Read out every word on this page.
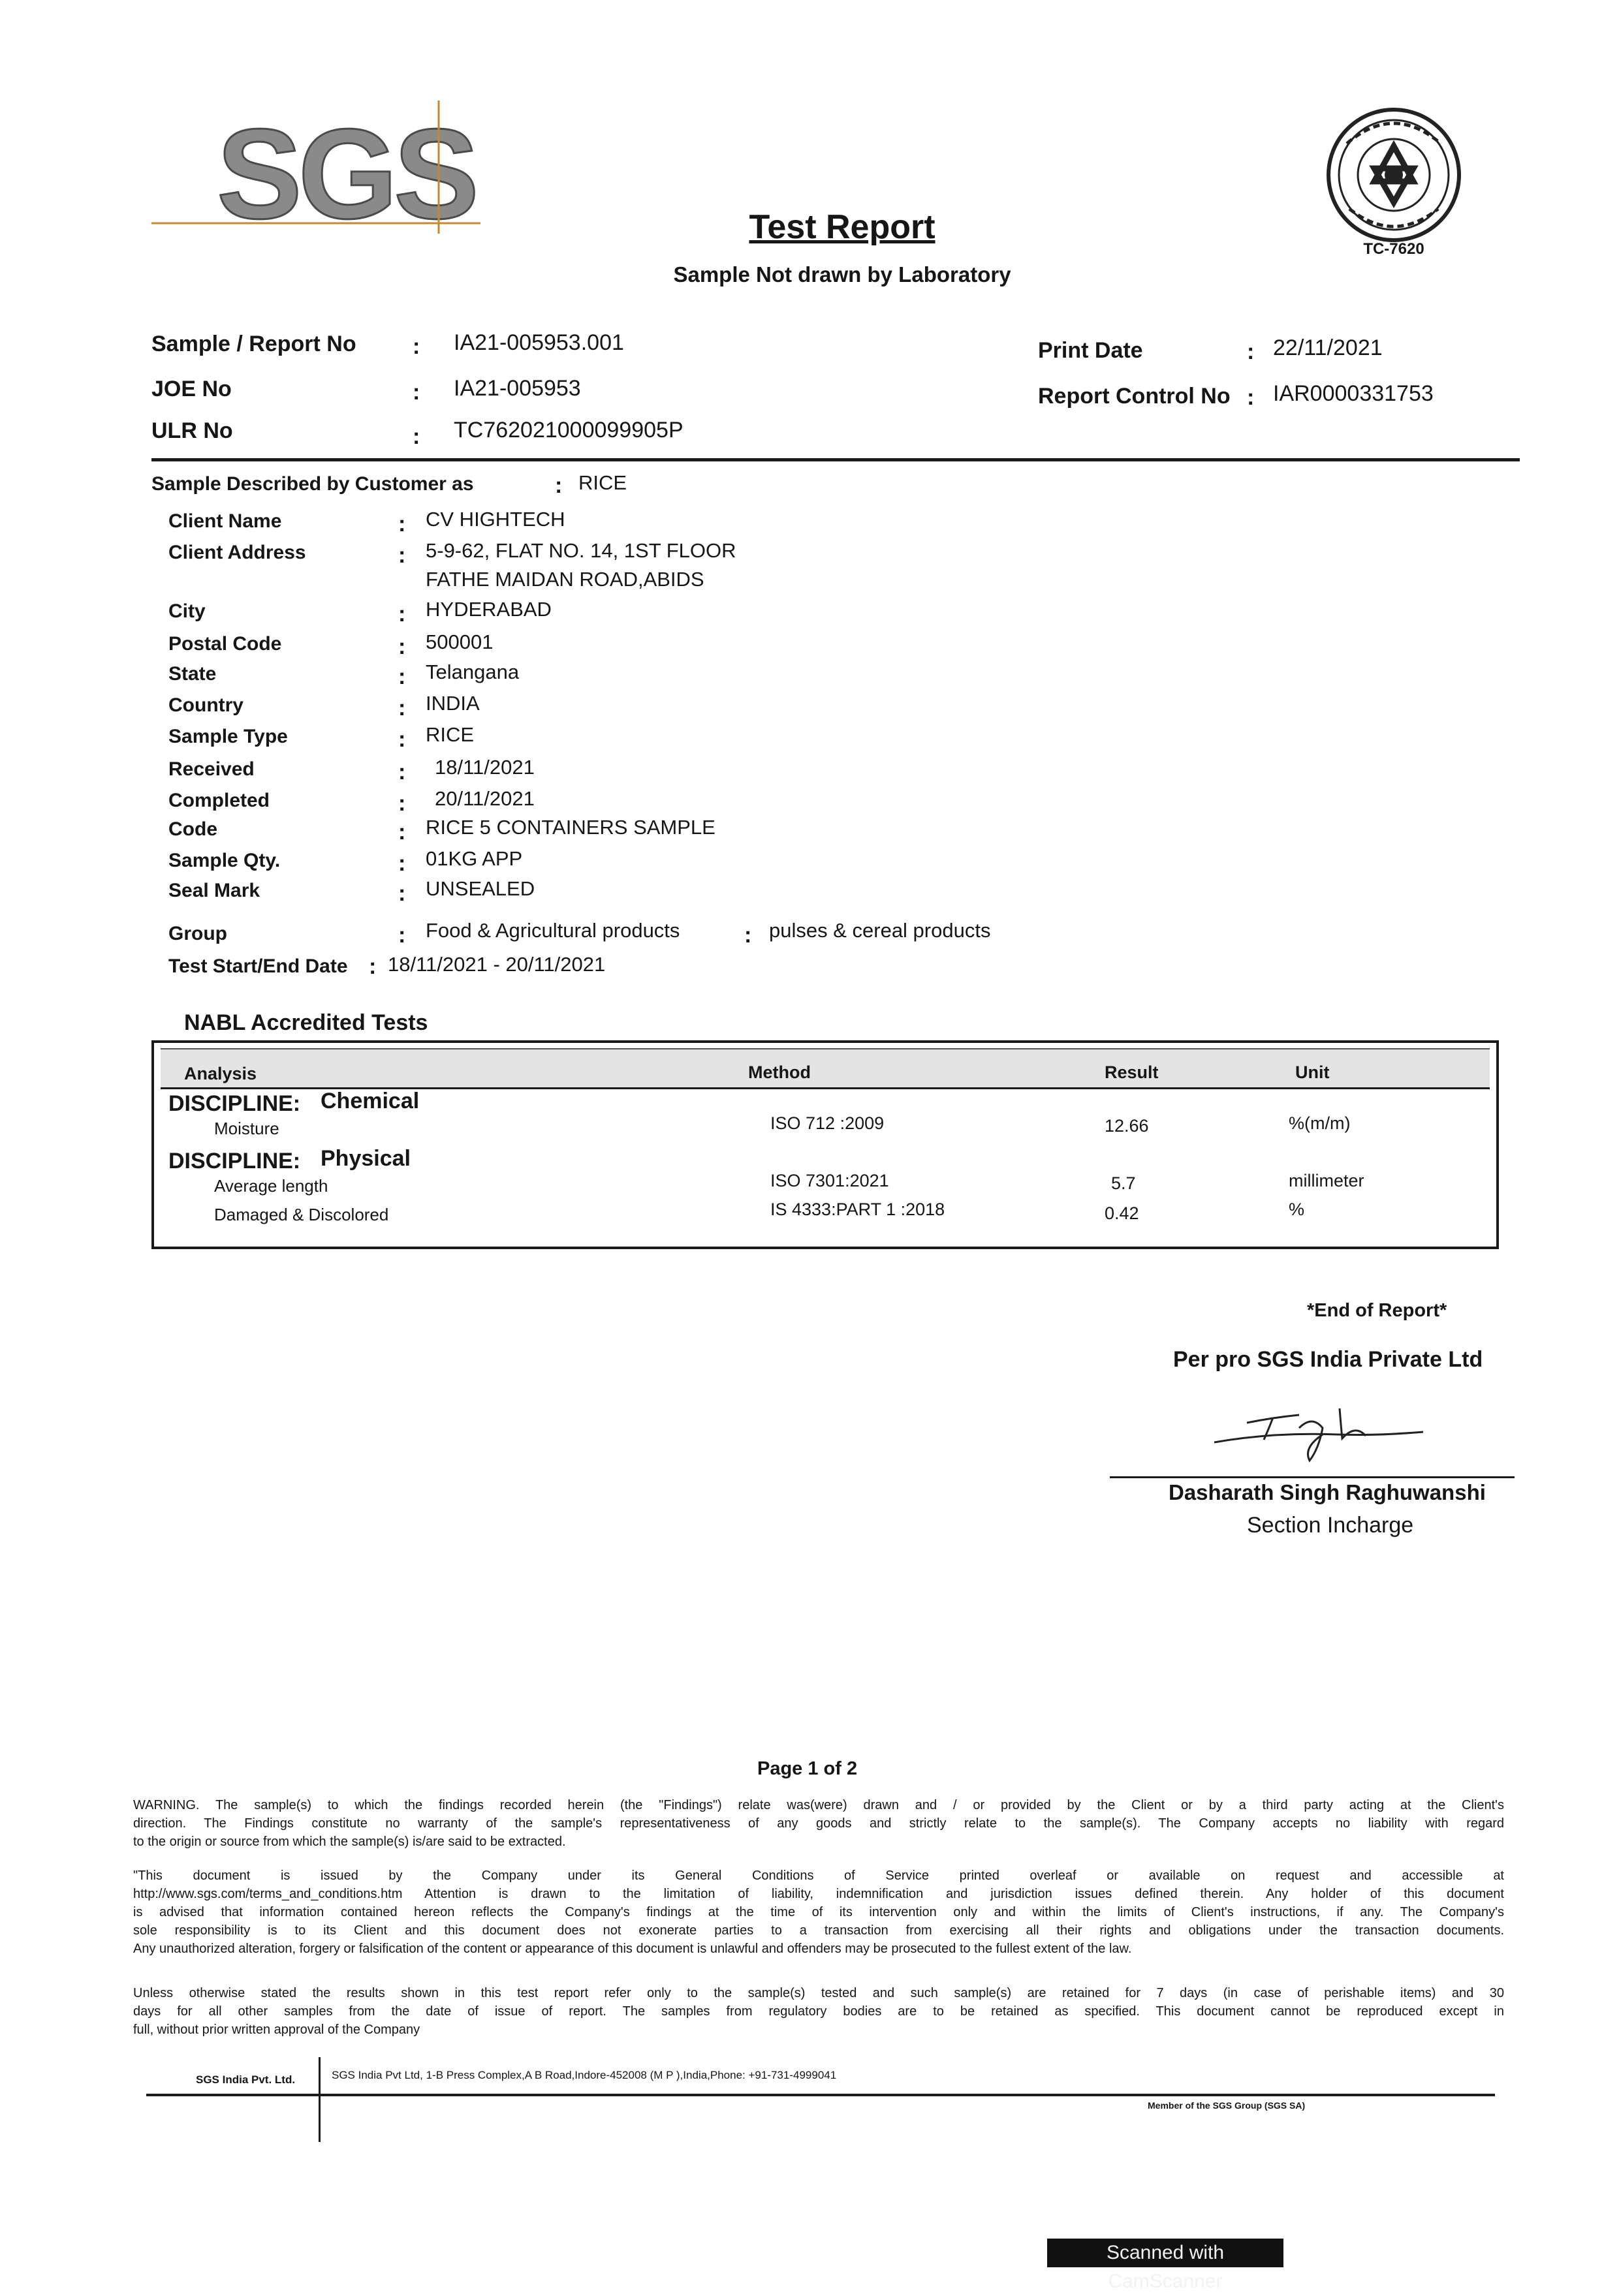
SGS	Test Report
Sample Not drawn by Laboratory
TC-7620
Sample / Report No	: IA21-005953.001
JOE No	: IA21-005953
ULR No	: TC762021000099905P
Print Date	: 22/11/2021
Report Control No : IAR0000331753
Sample Described by Customer as	: RICE
Client Name	: CV HIGHTECH
Client Address	: 5-9-62, FLAT NO. 14, 1ST FLOOR
FATHE MAIDAN ROAD,ABIDS
City	: HYDERABAD
Postal Code	: 500001
State	: Telangana
Country	: INDIA
Sample Type	: RICE
Received	: 18/11/2021
Completed	: 20/11/2021
Code	: RICE 5 CONTAINERS SAMPLE
Sample Qty.	: 01KG APP
Seal Mark	: UNSEALED
Group	: Food & Agricultural products	: pulses & cereal products
Test Start/End Date : 18/11/2021 - 20/11/2021
NABL Accredited Tests
Analysis	Method	Result	Unit
DISCIPLINE: Chemical
Moisture	ISO 712 :2009	12.66	%(m/m)
DISCIPLINE: Physical
Average length	ISO 7301:2021	5.7	millimeter
Damaged & Discolored	IS 4333:PART 1 :2018	0.42	%
*End of Report*
Per pro SGS India Private Ltd
Dasharath Singh Raghuwanshi
Section Incharge
Page 1 of 2
WARNING. The sample(s) to which the findings recorded herein (the "Findings") relate was(were) drawn and / or provided by the Client or by a third party acting at the Client's
direction. The Findings constitute no warranty of the sample's representativeness of any goods and strictly relate to the sample(s). The Company accepts no liability with regard
to the origin or source from which the sample(s) is/are said to be extracted.
"This document is issued by the Company under its General Conditions of Service printed overleaf or available on request and accessible at
http://www.sgs.com/terms_and_conditions.htm Attention is drawn to the limitation of liability, indemnification and jurisdiction issues defined therein. Any holder of this document
is advised that information contained hereon reflects the Company's findings at the time of its intervention only and within the limits of Client's instructions, if any. The Company's
sole responsibility is to its Client and this document does not exonerate parties to a transaction from exercising all their rights and obligations under the transaction documents.
Any unauthorized alteration, forgery or falsification of the content or appearance of this document is unlawful and offenders may be prosecuted to the fullest extent of the law.
Unless otherwise stated the results shown in this test report refer only to the sample(s) tested and such sample(s) are retained for 7 days (in case of perishable items) and 30
days for all other samples from the date of issue of report. The samples from regulatory bodies are to be retained as specified. This document cannot be reproduced except in
full, without prior written approval of the Company
SGS India Pvt. Ltd.	SGS India Pvt Ltd, 1-B Press Complex,A B Road,Indore-452008 (M P ),India,Phone: +91-731-4999041
Member of the SGS Group (SGS SA)
Scanned with CamScanner
